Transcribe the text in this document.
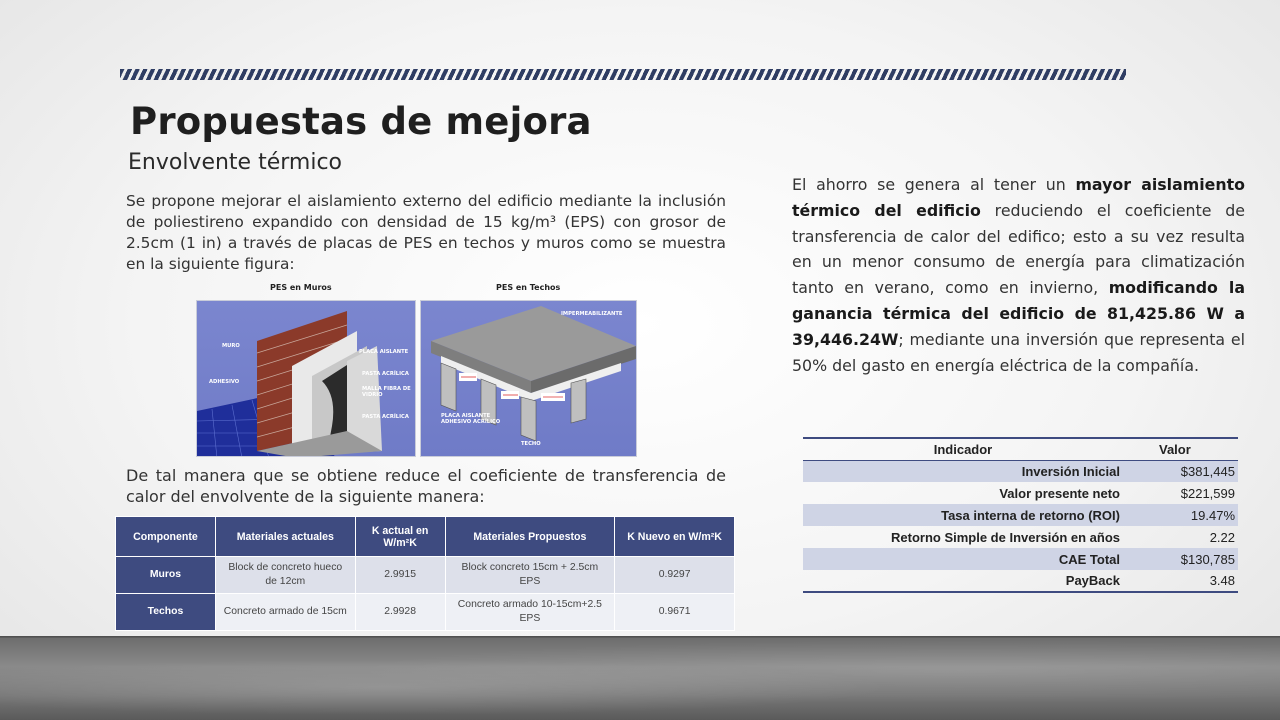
Propuestas de mejora
Envolvente térmico
Se propone mejorar el aislamiento externo del edificio mediante la inclusión de poliestireno expandido con densidad de 15 kg/m³ (EPS) con grosor de 2.5cm (1 in) a través de placas de PES en techos y muros como se muestra en la siguiente figura:
PES en Muros	PES en Techos
MURO
ADHESIVO
PLACA AISLANTE
PASTA ACRÍLICA
MALLA FIBRA DE VIDRIO
PASTA ACRÍLICA
IMPERMEABILIZANTE
PLACA AISLANTE ADHESIVO ACRÍLICO
TECHO
De tal manera que se obtiene reduce el coeficiente de transferencia de calor del envolvente de la siguiente manera:
Componente	Materiales actuales	K actual en W/m²K	Materiales Propuestos	K Nuevo en W/m²K
Muros	Block de concreto hueco de 12cm	2.9915	Block concreto 15cm + 2.5cm EPS	0.9297
Techos	Concreto armado de 15cm	2.9928	Concreto armado 10-15cm+2.5 EPS	0.9671
El ahorro se genera al tener un mayor aislamiento térmico del edificio reduciendo el coeficiente de transferencia de calor del edifico; esto a su vez resulta en un menor consumo de energía para climatización tanto en verano, como en invierno, modificando la ganancia térmica del edificio de 81,425.86 W a 39,446.24W; mediante una inversión que representa el 50% del gasto en energía eléctrica de la compañía.
Indicador	Valor
Inversión Inicial	$381,445
Valor presente neto	$221,599
Tasa interna de retorno (ROI)	19.47%
Retorno Simple de Inversión en años	2.22
CAE Total	$130,785
PayBack	3.48
